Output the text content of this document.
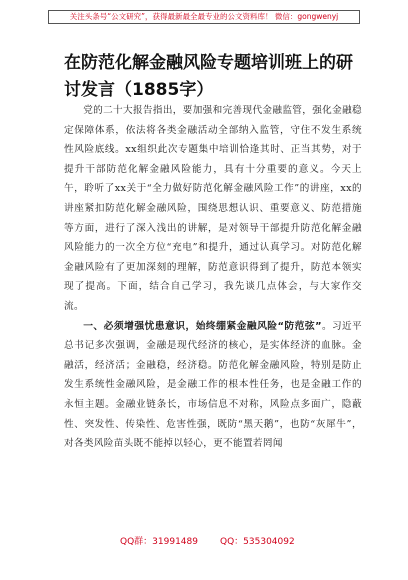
关注头条号“公文研究”，获得最新最全最专业的公文资料库！ 微信：gongwenyj
在防范化解金融风险专题培训班上的研讨发言（1885字）

党的二十大报告指出，要加强和完善现代金融监管，强化金融稳定保障体系，依法将各类金融活动全部纳入监管，守住不发生系统性风险底线。xx组织此次专题集中培训恰逢其时、正当其势，对于提升干部防范化解金融风险能力，具有十分重要的意义。今天上午，聆听了xx关于“全力做好防范化解金融风险工作”的讲座，xx的讲座紧扣防范化解金融风险，围绕思想认识、重要意义、防范措施等方面，进行了深入浅出的讲解，是对领导干部提升防范化解金融风险能力的一次全方位“充电”和提升，通过认真学习。对防范化解金融风险有了更加深刻的理解，防范意识得到了提升，防范本领实现了提高。下面，结合自己学习，我先谈几点体会，与大家作交流。

一、必须增强忧患意识，始终绷紧金融风险“防范弦”。习近平总书记多次强调，金融是现代经济的核心，是实体经济的血脉。金融活，经济活；金融稳，经济稳。防范化解金融风险，特别是防止发生系统性金融风险，是金融工作的根本性任务，也是金融工作的永恒主题。金融业链条长，市场信息不对称，风险点多面广，隐蔽性、突发性、传染性、危害性强，既防“黑天鹅”，也防“灰犀牛”，对各类风险苗头既不能掉以轻心，更不能置若罔闻

QQ群：31991489 QQ：535304092
